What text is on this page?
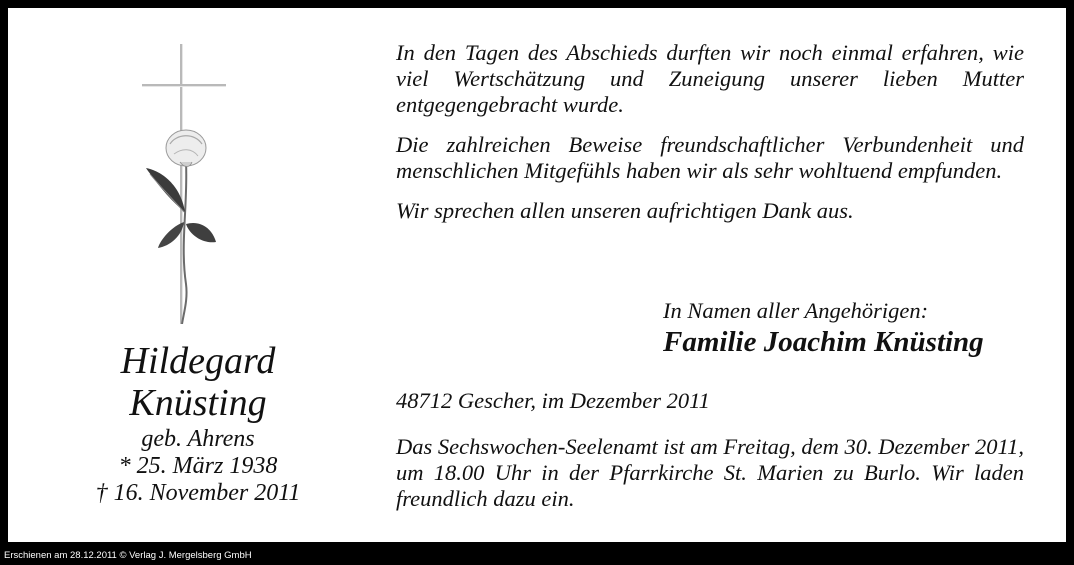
Hildegard

Knüsting

geb. Ahrens

* 25. März 1938

† 16. November 2011

In den Tagen des Abschieds durften wir noch einmal erfahren, wie viel Wertschätzung und Zuneigung unserer lieben Mutter entgegengebracht wurde.

Die zahlreichen Beweise freundschaftlicher Verbundenheit und menschlichen Mitgefühls haben wir als sehr wohltuend empfunden.

Wir sprechen allen unseren aufrichtigen Dank aus.

In Namen aller Angehörigen:

Familie Joachim Knüsting

48712 Gescher, im Dezember 2011

Das Sechswochen-Seelenamt ist am Freitag, dem 30. Dezember 2011, um 18.00 Uhr in der Pfarrkirche St. Marien zu Burlo. Wir laden freundlich dazu ein.

Erschienen am 28.12.2011 © Verlag J. Mergelsberg GmbH
